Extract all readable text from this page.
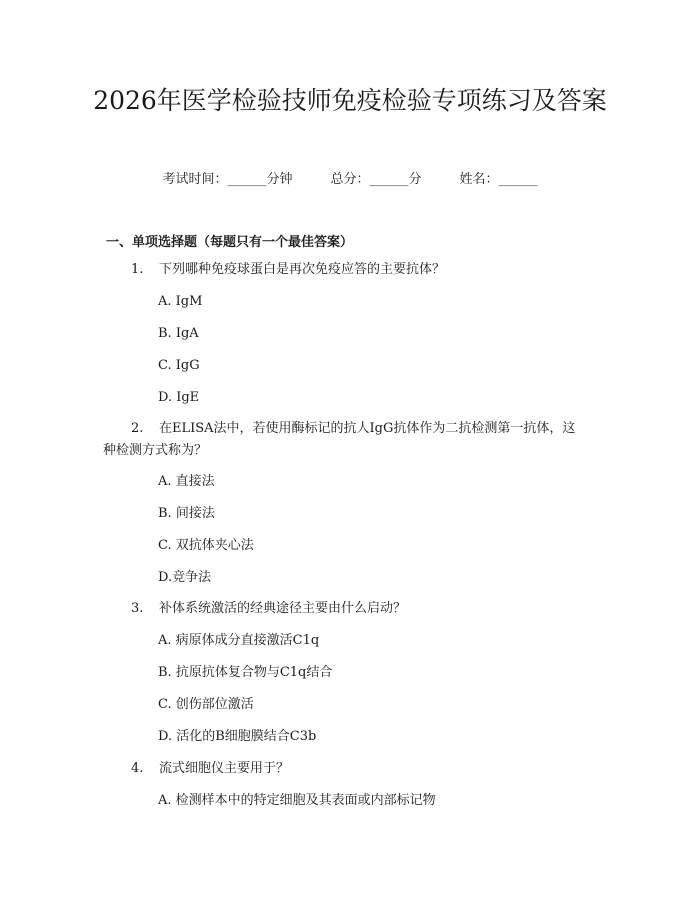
2026年医学检验技师免疫检验专项练习及答案
考试时间：______分钟	总分：______分	姓名：______
一、单项选择题（每题只有一个最佳答案）
1. 下列哪种免疫球蛋白是再次免疫应答的主要抗体？
A. IgM
B. IgA
C. IgG
D. IgE
2. 在ELISA法中，若使用酶标记的抗人IgG抗体作为二抗检测第一抗体，这
种检测方式称为？
A. 直接法
B. 间接法
C. 双抗体夹心法
D.竞争法
3. 补体系统激活的经典途径主要由什么启动？
A. 病原体成分直接激活C1q
B. 抗原抗体复合物与C1q结合
C. 创伤部位激活
D. 活化的B细胞膜结合C3b
4. 流式细胞仪主要用于？
A. 检测样本中的特定细胞及其表面或内部标记物
